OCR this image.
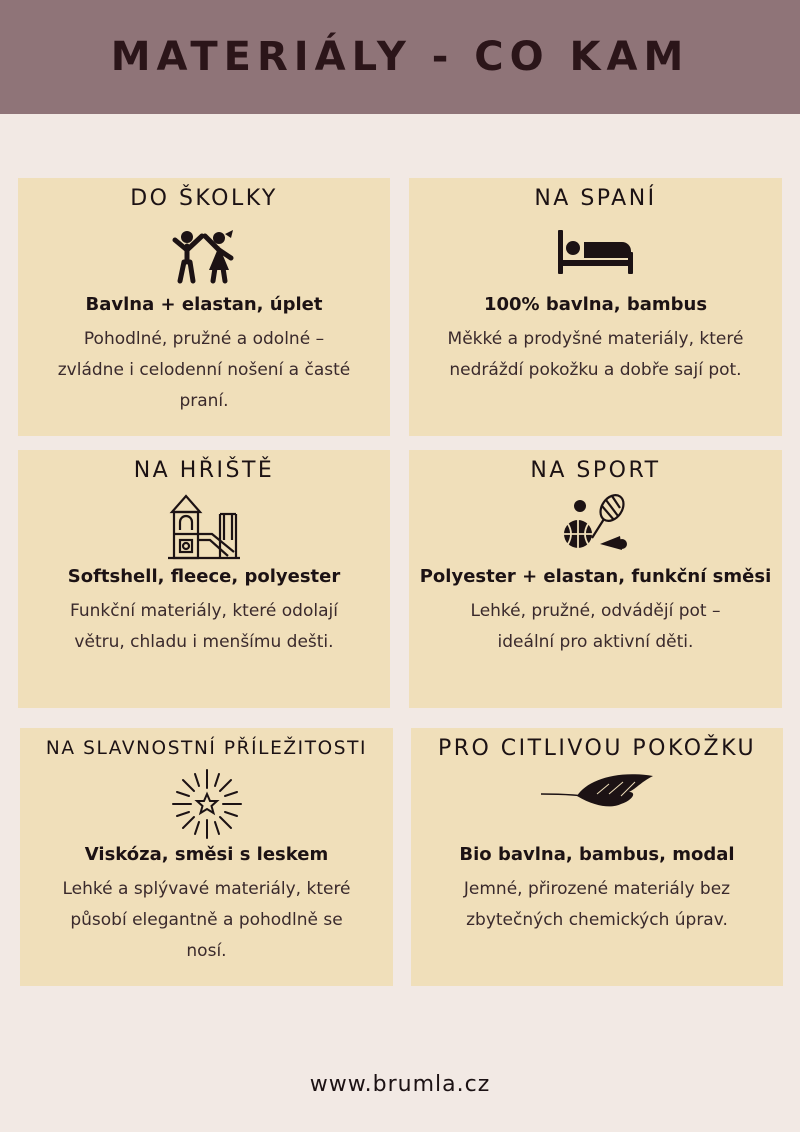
MATERIÁLY - CO KAM
DO ŠKOLKY
Bavlna + elastan, úplet
Pohodlné, pružné a odolné – zvládne i celodenní nošení a časté praní.
NA SPANÍ
100% bavlna, bambus
Měkké a prodyšné materiály, které nedráždí pokožku a dobře sají pot.
NA HŘIŠTĚ
Softshell, fleece, polyester
Funkční materiály, které odolají větru, chladu i menšímu dešti.
NA SPORT
Polyester + elastan, funkční směsi
Lehké, pružné, odvádějí pot – ideální pro aktivní děti.
NA SLAVNOSTNÍ PŘÍLEŽITOSTI
Viskóza, směsi s leskem
Lehké a splývavé materiály, které působí elegantně a pohodlně se nosí.
PRO CITLIVOU POKOŽKU
Bio bavlna, bambus, modal
Jemné, přirozené materiály bez zbytečných chemických úprav.
www.brumla.cz
